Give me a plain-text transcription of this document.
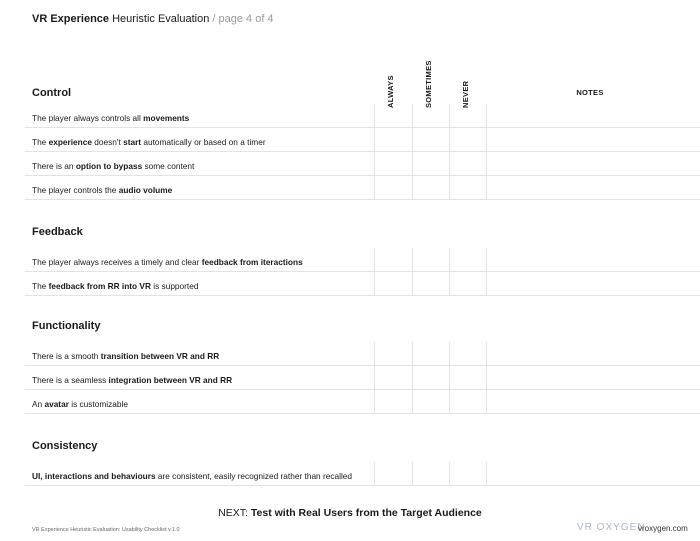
VR Experience Heuristic Evaluation / page 4 of 4
ALWAYS	SOMETIMES	NEVER	NOTES
Control
The player always controls all movements
The experience doesn't start automatically or based on a timer
There is an option to bypass some content
The player controls the audio volume
Feedback
The player always receives a timely and clear feedback from iteractions
The feedback from RR into VR is supported
Functionality
There is a smooth transition between VR and RR
There is a seamless integration between VR and RR
An avatar is customizable
Consistency
UI, interactions and behaviours are consistent, easily recognized rather than recalled
NEXT: Test with Real Users from the Target Audience
VR Experience Heuristic Evaluation: Usability Checklist v.1.0	VR OXYGEN
vroxygen.com
